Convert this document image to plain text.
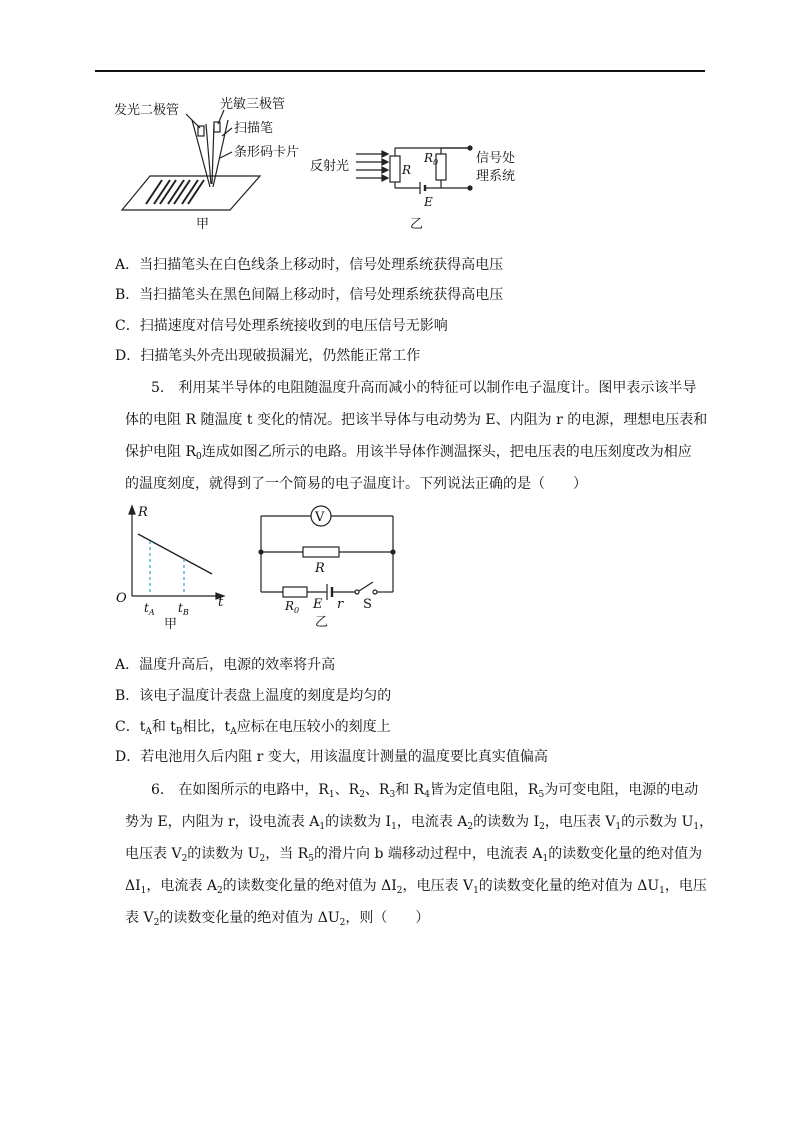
发光二极管	光敏三极管
扫描笔
条形码卡片
甲
反射光	R
$R_0$
E
信号处
理系统
乙
A．当扫描笔头在白色线条上移动时，信号处理系统获得高电压
B．当扫描笔头在黑色间隔上移动时，信号处理系统获得高电压
C．扫描速度对信号处理系统接收到的电压信号无影响
D．扫描笔头外壳出现破损漏光，仍然能正常工作
5.　利用某半导体的电阻随温度升高而减小的特征可以制作电子温度计。图甲表示该半导
体的电阻 R 随温度 t 变化的情况。把该半导体与电动势为 E、内阻为 r 的电源，理想电压表和
保护电阻 $R_0$连成如图乙所示的电路。用该半导体作测温探头，把电压表的电压刻度改为相应
的温度刻度，就得到了一个简易的电子温度计。下列说法正确的是（　　）
R
t
O
$t_A$ $t_B$
甲
V
R
$R_0$ E r S
乙
A．温度升高后，电源的效率将升高
B．该电子温度计表盘上温度的刻度是均匀的
C．$t_A$和 $t_B$相比，$t_A$应标在电压较小的刻度上
D．若电池用久后内阻 r 变大，用该温度计测量的温度要比真实值偏高
6.　在如图所示的电路中，$R_1$、$R_2$、$R_3$和 $R_4$皆为定值电阻，$R_5$为可变电阻，电源的电动
势为 E，内阻为 r，设电流表 $A_1$的读数为 $I_1$，电流表 $A_2$的读数为 $I_2$，电压表 $V_1$的示数为 $U_1$，
电压表 $V_2$的读数为 $U_2$，当 $R_5$的滑片向 b 端移动过程中，电流表 $A_1$的读数变化量的绝对值为
$\Delta I_1$，电流表 $A_2$的读数变化量的绝对值为 $\Delta I_2$，电压表 $V_1$的读数变化量的绝对值为 $\Delta U_1$，电压
表 $V_2$的读数变化量的绝对值为 $\Delta U_2$，则（　　）
